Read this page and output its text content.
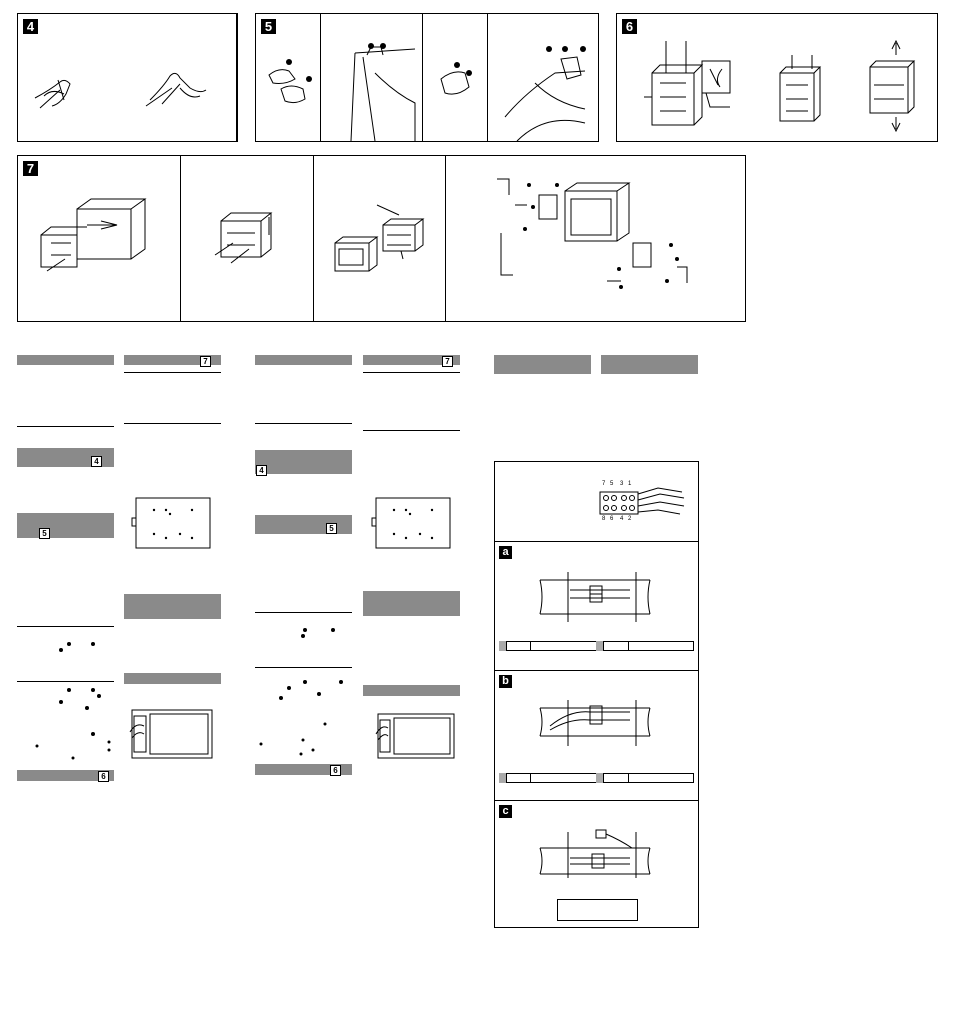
4	5	6
7
4
5
6
7
4
5
6
7
7 5 3 1
8 6 4 2
a
b
c
